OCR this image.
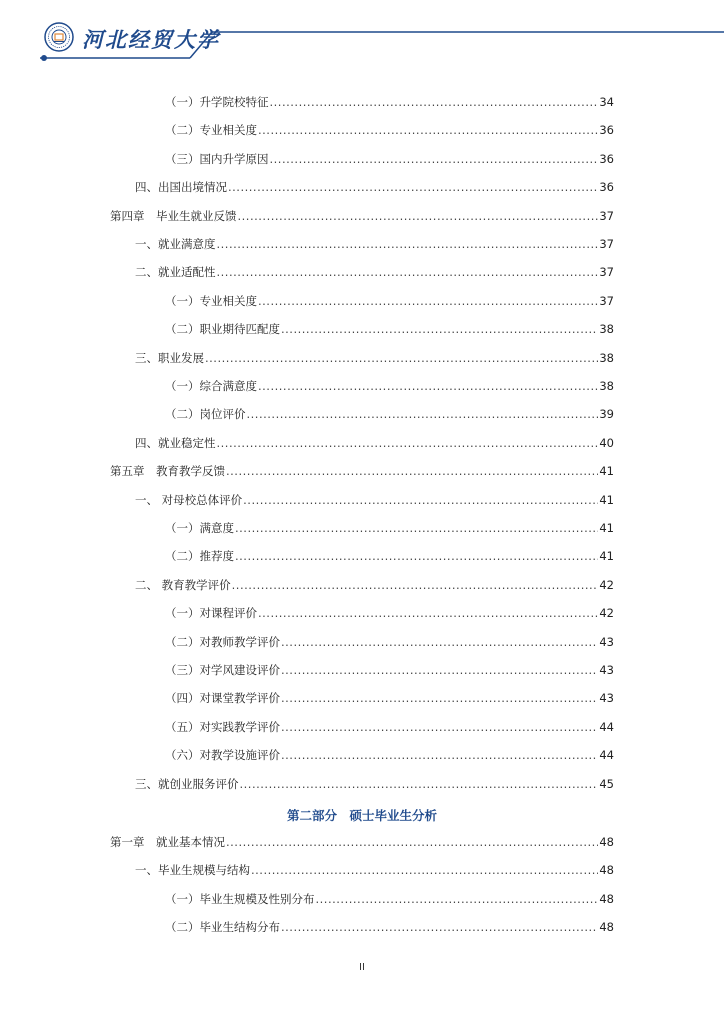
河北经贸大学
（一）升学院校特征 .....	34
（二）专业相关度 .....	36
（三）国内升学原因 .....	36
四、出国出境情况 .....	36
第四章　毕业生就业反馈 .....	37
一、就业满意度 .....	37
二、就业适配性 .....	37
（一）专业相关度 .....	37
（二）职业期待匹配度 .....	38
三、职业发展 .....	38
（一）综合满意度 .....	38
（二）岗位评价 .....	39
四、就业稳定性 .....	40
第五章　教育教学反馈 .....	41
一、 对母校总体评价 .....	41
（一）满意度 .....	41
（二）推荐度 .....	41
二、 教育教学评价 .....	42
（一）对课程评价 .....	42
（二）对教师教学评价 .....	43
（三）对学风建设评价 .....	43
（四）对课堂教学评价 .....	43
（五）对实践教学评价 .....	44
（六）对教学设施评价 .....	44
三、就创业服务评价 .....	45
第二部分　硕士毕业生分析
第一章　就业基本情况 .....	48
一、毕业生规模与结构 .....	48
（一）毕业生规模及性别分布 .....	48
（二）毕业生结构分布 .....	48
II
